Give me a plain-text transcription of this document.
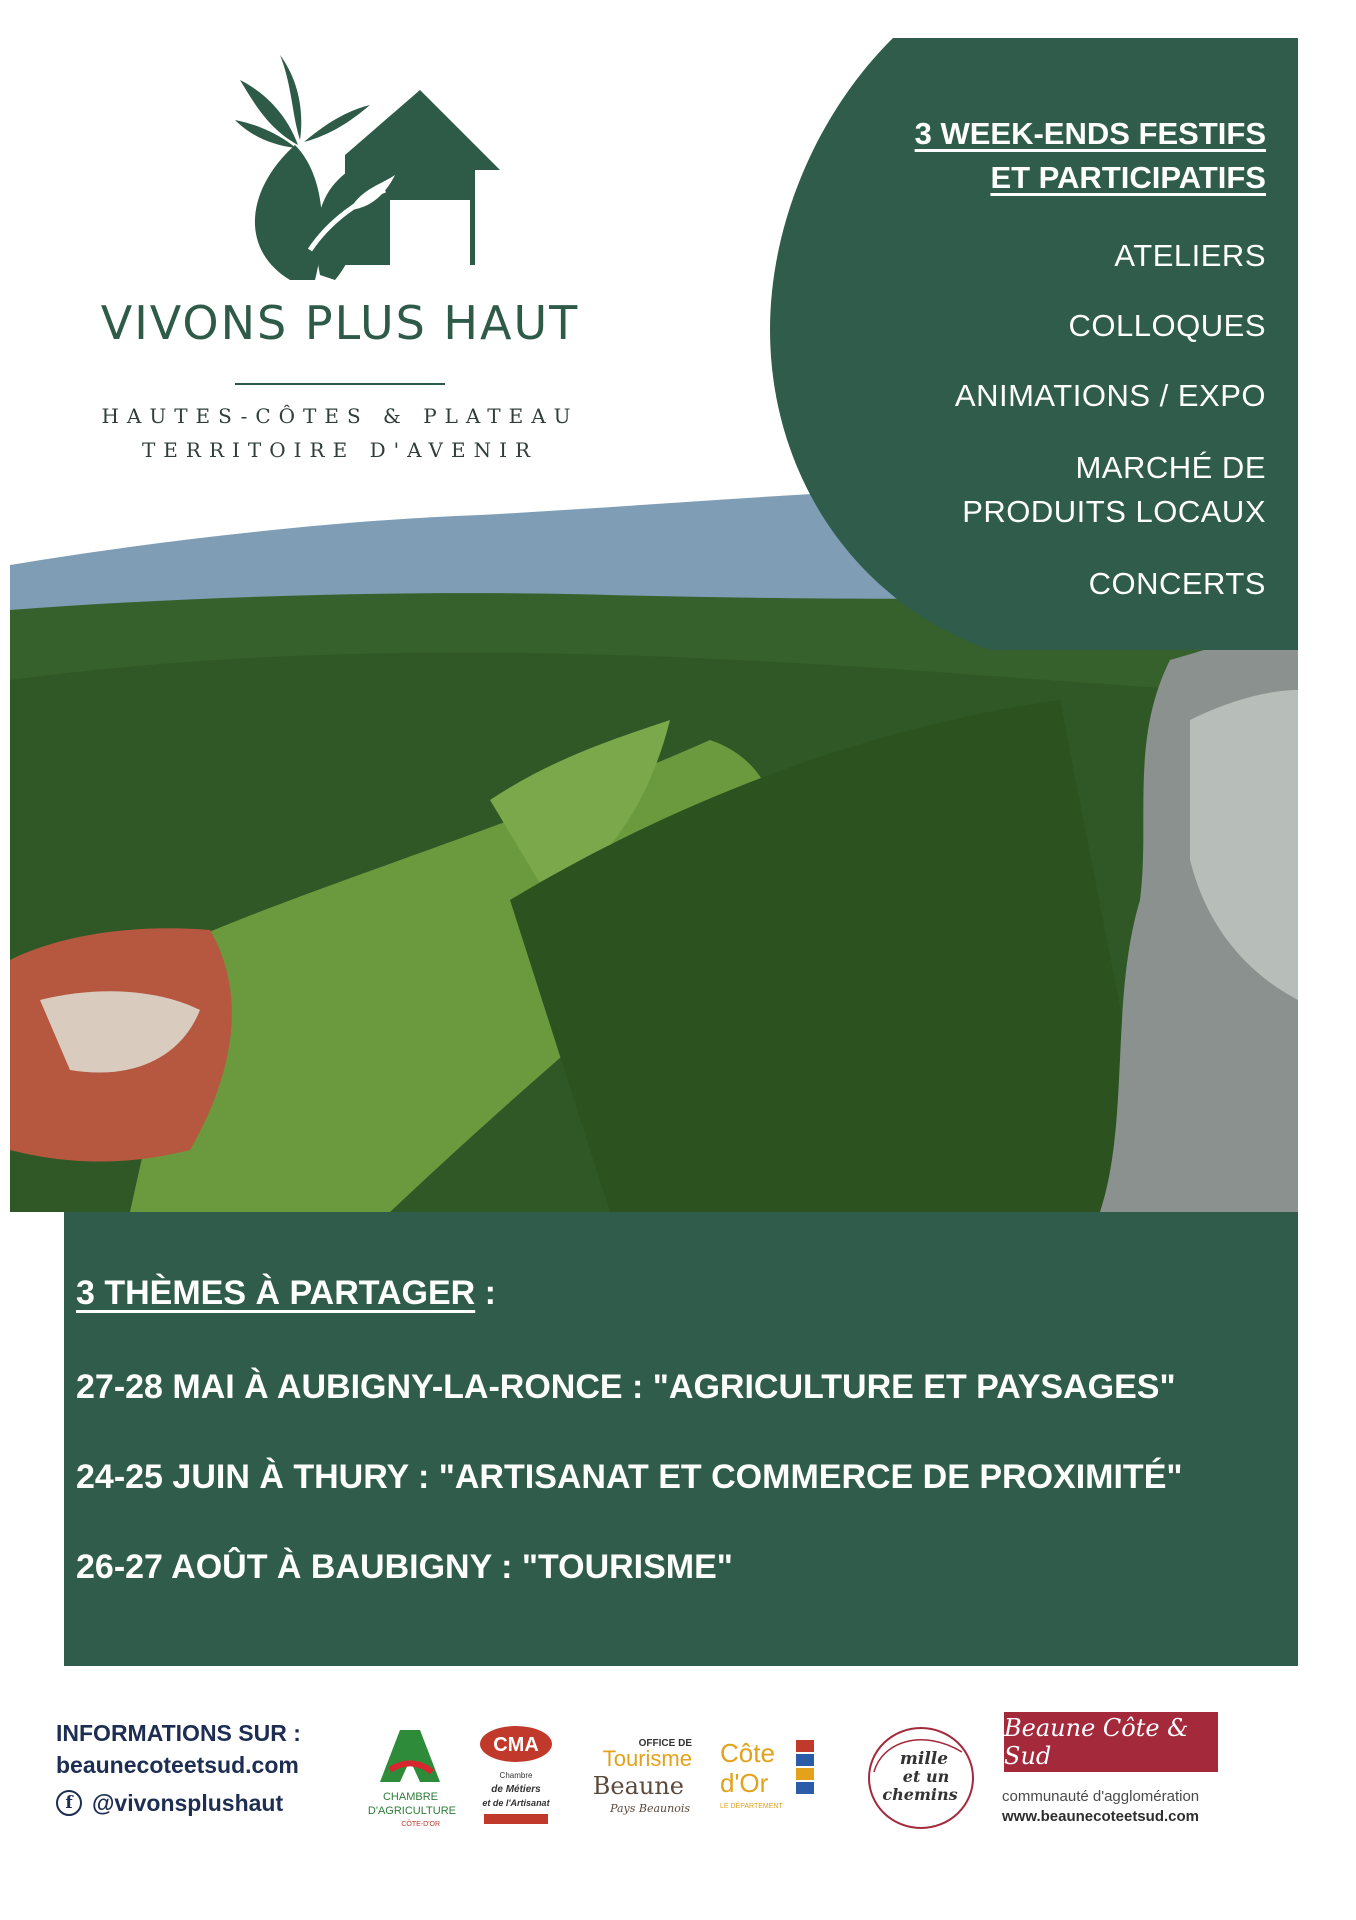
VIVONS PLUS HAUT
HAUTES-CÔTES & PLATEAU
TERRITOIRE D'AVENIR
3 WEEK-ENDS FESTIFS
ET PARTICIPATIFS
ATELIERS
COLLOQUES
ANIMATIONS / EXPO
MARCHÉ DE
PRODUITS LOCAUX
CONCERTS
3 THÈMES À PARTAGER :
27-28 MAI À AUBIGNY-LA-RONCE : "AGRICULTURE ET PAYSAGES"
24-25 JUIN À THURY : "ARTISANAT ET COMMERCE DE PROXIMITÉ"
26-27 AOÛT À BAUBIGNY : "TOURISME"
INFORMATIONS SUR :
beaunecoteetsud.com
f @vivonsplushaut	CHAMBRE
D'AGRICULTURE
CÔTE-D'OR
CMA
Chambre
de Métiers
et de l'Artisanat
OFFICE DE
Tourisme
Beaune
Pays Beaunois
Côte
d'Or
LE DÉPARTEMENT
mille
et un
chemins
Beaune Côte & Sud
communauté d'agglomération
www.beaunecoteetsud.com
